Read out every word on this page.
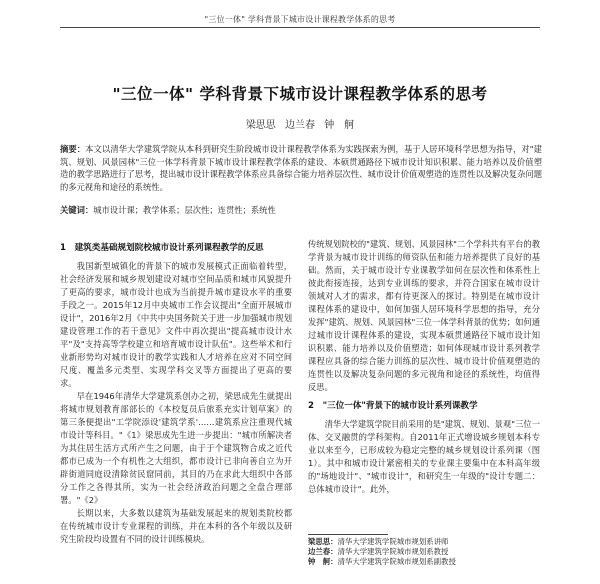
"三位一体" 学科背景下城市设计课程教学体系的思考
"三位一体" 学科背景下城市设计课程教学体系的思考
梁思思 边兰春 钟　舸
摘要：本文以清华大学建筑学院从本科到研究生阶段城市设计课程教学体系为实践探索为例，基于人居环境科学思想为指导，对"建筑、规划、风景园林"三位一体学科背景下城市设计课程教学体系的建设、本硕贯通路径下城市设计知识积累、能力培养以及价值塑造的教学思路进行了思考，提出城市设计课程教学体系应具备综合能力培养层次性、城市设计价值观塑造的连贯性以及解决复杂问题的多元视角和途径的系统性。
关键词：城市设计课；教学体系；层次性；连贯性；系统性
1　建筑类基础规划院校城市设计系列课程教学的反思

我国新型城镇化的背景下的城市发展模式正面临着转型，社会经济发展和城乡规划建设对城市空间品质和城市风貌提升了更高的要求，城市设计也成为当前提升城市建设水平的重要手段之一。2015年12月中央城市工作会议提出"全面开展城市设计"，2016年2月《中共中央国务院关于进一步加强城市规划建设管理工作的若干意见》文件中再次提出"提高城市设计水平"及"支持高等学校建立和培育城市设计队伍"。这些举术和行业新形势均对城市设计的教学实践和人才培养在应对不同空间尺度、覆盖多元类型、实现学科交叉等方面提出了更高的要求。

早在1946年清华大学建筑系创办之初，梁思成先生就提出将城市规划教育部部长的《本校复员后旅系充实计划草案》的第三条便提出"工学院添设'建筑学系'……建筑系应注重现代城市设计等科目。"《1》梁思成先生进一步提出："城市所解决者为其住居生活方式所产生之问题，由于于个建筑物合成之近代都市已成为一个有机性之大组织，都市设计已非向善自立为开辟街道同庭设清除贫民窟同前，其目的乃在求此大组织中各部分工作之各得其所，实为一社会经济政治问题之全盘合理部署。"《2》

长期以来，大多数以建筑为基础发展起来的规划类院校都在传统城市设计专业课程的训练，并在本科的各个年级以及研究生阶段均设置有不同的设计训练模块。

传统规划院校的"建筑、规划、风景园林"二个学科共有平台的教学背景为城市设计训练的师资队伍和能力培养提供了良好的基础。然而，关于城市设计专业课教学如何在层次性和体系性上彼此衔接连接，达到专业训练的要求，并符合国家在城市设计领域对人才的需求，都有待更深入的探讨。特别是在城市设计课程体系的建设中，如何加强人居环境科学思想的指导，充分发挥"建筑、规划、风景园林"三位一体学科背景的优势；如何通过城市设计课程体系的建设，实现本硕贯通路径下城市设计知识积累、能力培养以及价值塑造；如何体现城市设计系列教学课程应具备的综合能力训练的层次性、城市设计价值观塑造的连贯性以及解决复杂问题的多元视角和途径的系统性，均值得反思。

2　"三位一体"背景下的城市设计系列课教学

清华大学建筑学院目前采用的是"建筑、规划、景观"三位一体、交叉融贯的学科架构。自2011年正式增设城乡规划本科专业以来至今，已形成较为稳定完整的城乡规划设计系列课（图1）。其中和城市设计紧密相关的专业课主要集中在本科高年级的"场地设计"、"城市设计"，和研究生一年级的"设计专题二：总体城市设计"。此外，

梁思思：清华大学建筑学院城市规划系讲师
边兰春：清华大学建筑学院城市规划系教授
钟　舸：清华大学建筑学院城市规划系副教授
